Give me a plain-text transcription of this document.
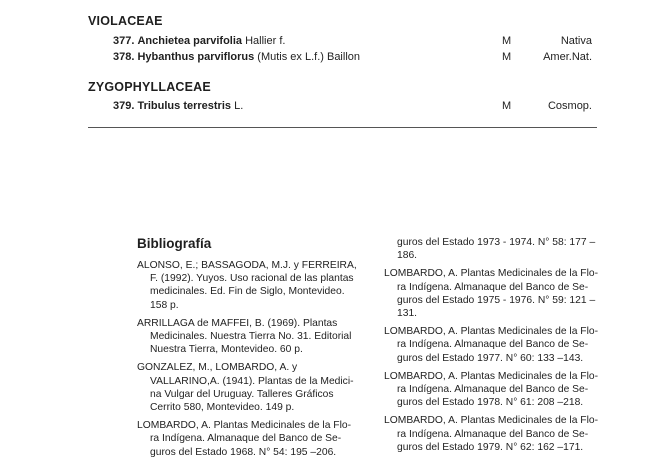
VIOLACEAE
377. Anchietea parvifolia Hallier f.	M	Nativa
378. Hybanthus parviflorus (Mutis ex L.f.) Baillon	M	Amer.Nat.
ZYGOPHYLLACEAE
379. Tribulus terrestris L.	M	Cosmop.
Bibliografía
ALONSO, E.; BASSAGODA, M.J. y FERREIRA,
F. (1992). Yuyos. Uso racional de las plantas
medicinales. Ed. Fin de Siglo, Montevideo.
158 p.
ARRILLAGA de MAFFEI, B. (1969). Plantas
Medicinales. Nuestra Tierra No. 31. Editorial
Nuestra Tierra, Montevideo. 60 p.
GONZALEZ, M., LOMBARDO, A. y
VALLARINO,A. (1941). Plantas de la Medici-
na Vulgar del Uruguay. Talleres Gráficos
Cerrito 580, Montevideo. 149 p.
LOMBARDO, A. Plantas Medicinales de la Flo-
ra Indígena. Almanaque del Banco de Se-
guros del Estado 1968. N° 54: 195 –206.
guros del Estado 1973 - 1974. N° 58: 177 –
186.
LOMBARDO, A. Plantas Medicinales de la Flo-
ra Indígena. Almanaque del Banco de Se-
guros del Estado 1975 - 1976. N° 59: 121 –
131.
LOMBARDO, A. Plantas Medicinales de la Flo-
ra Indígena. Almanaque del Banco de Se-
guros del Estado 1977. N° 60: 133 –143.
LOMBARDO, A. Plantas Medicinales de la Flo-
ra Indígena. Almanaque del Banco de Se-
guros del Estado 1978. N° 61: 208 –218.
LOMBARDO, A. Plantas Medicinales de la Flo-
ra Indígena. Almanaque del Banco de Se-
guros del Estado 1979. N° 62: 162 –171.
